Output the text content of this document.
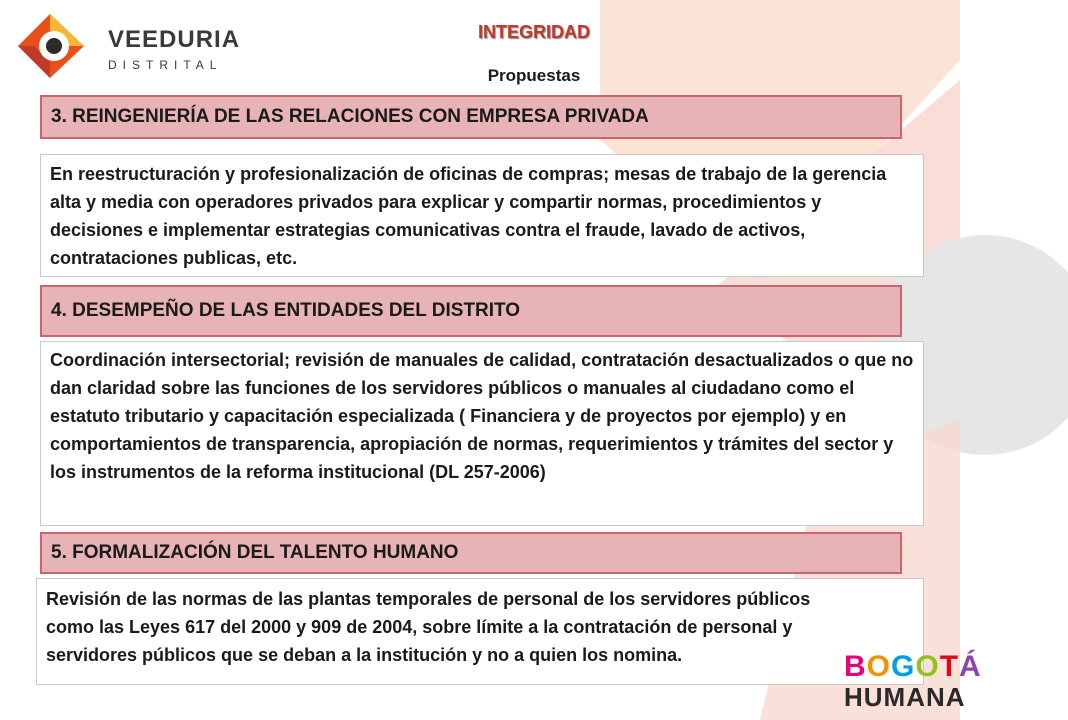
VEEDURIA
DISTRITAL
INTEGRIDAD
Propuestas
3. REINGENIERÍA DE LAS RELACIONES CON EMPRESA PRIVADA
En reestructuración y profesionalización de oficinas de compras; mesas de trabajo de la gerencia alta y media con operadores privados para explicar y compartir normas, procedimientos y decisiones e implementar estrategias comunicativas contra el fraude, lavado de activos, contrataciones publicas, etc.
4. DESEMPEÑO DE LAS ENTIDADES DEL DISTRITO
Coordinación intersectorial; revisión de manuales de calidad, contratación desactualizados o que no dan claridad sobre las funciones de los servidores públicos o manuales al ciudadano como el estatuto tributario y capacitación especializada ( Financiera y de proyectos por ejemplo) y en comportamientos de transparencia, apropiación de normas, requerimientos y trámites del sector y los instrumentos de la reforma institucional (DL 257-2006)
5. FORMALIZACIÓN DEL TALENTO HUMANO
Revisión de las normas de las plantas temporales de personal de los servidores públicos como las Leyes 617 del 2000 y 909 de 2004, sobre límite a la contratación de personal y servidores públicos que se deban a la institución y no a quien los nomina.	BOGOTÁ
HUMANA
